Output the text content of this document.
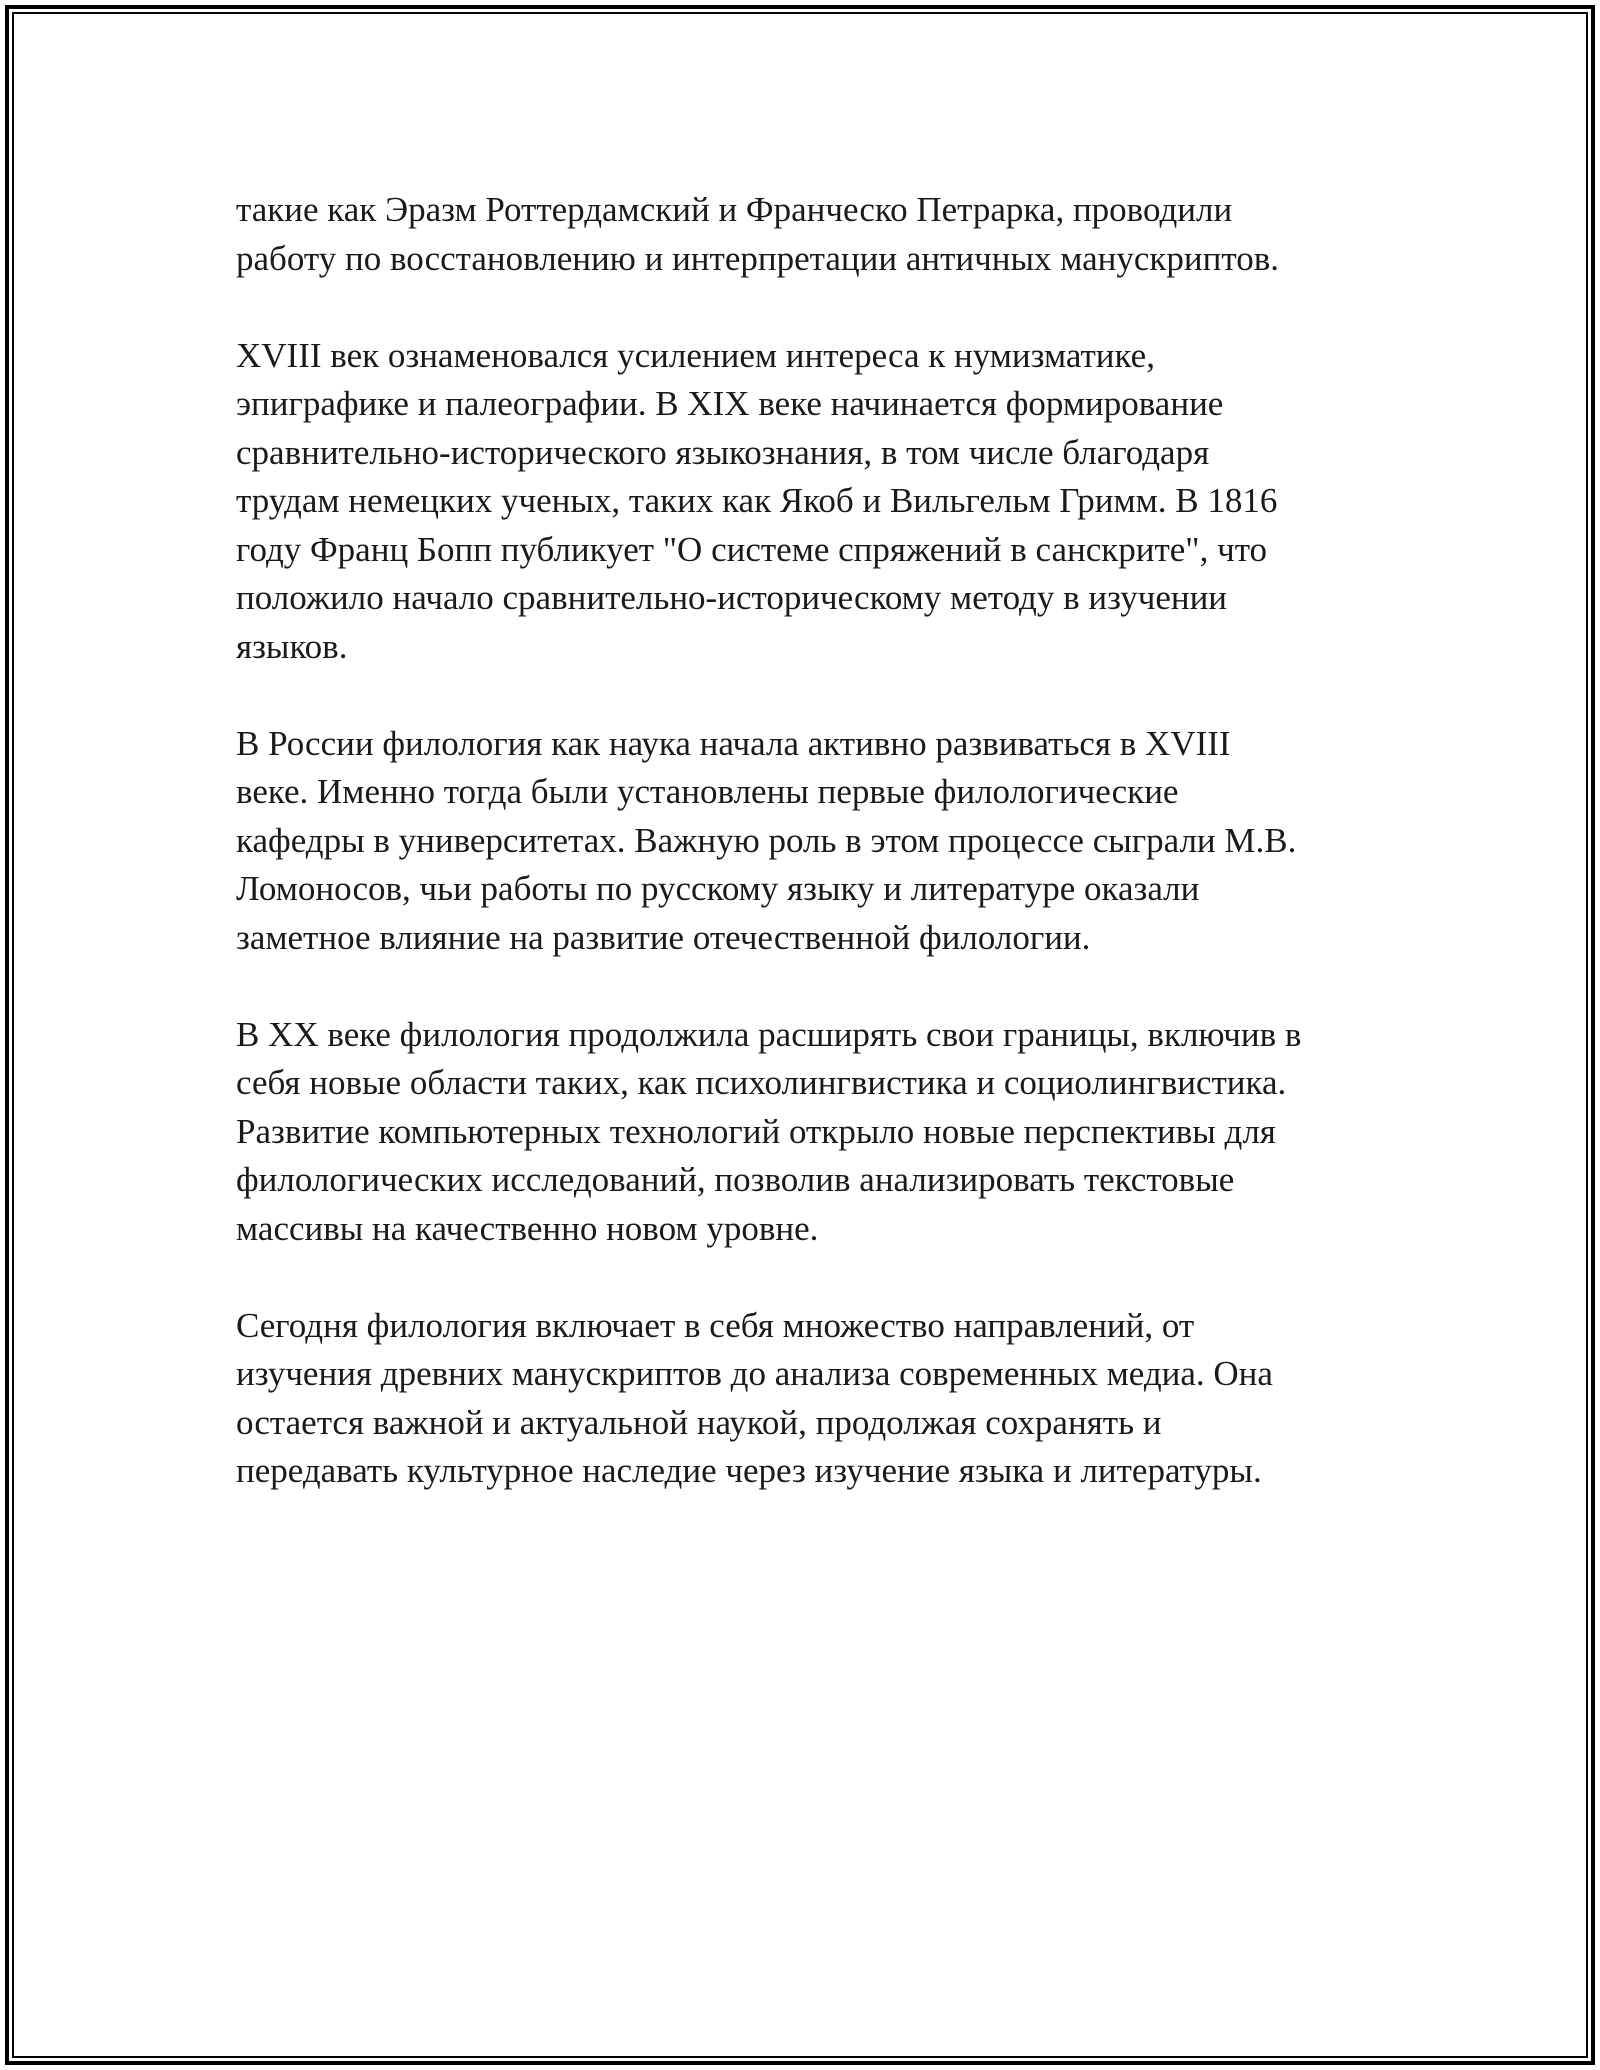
такие как Эразм Роттердамский и Франческо Петрарка, проводили
работу по восстановлению и интерпретации античных манускриптов.

XVIII век ознаменовался усилением интереса к нумизматике,
эпиграфике и палеографии. В XIX веке начинается формирование
сравнительно-исторического языкознания, в том числе благодаря
трудам немецких ученых, таких как Якоб и Вильгельм Гримм. В 1816
году Франц Бопп публикует "О системе спряжений в санскрите", что
положило начало сравнительно-историческому методу в изучении
языков.

В России филология как наука начала активно развиваться в XVIII
веке. Именно тогда были установлены первые филологические
кафедры в университетах. Важную роль в этом процессе сыграли М.В.
Ломоносов, чьи работы по русскому языку и литературе оказали
заметное влияние на развитие отечественной филологии.

В XX веке филология продолжила расширять свои границы, включив в
себя новые области таких, как психолингвистика и социолингвистика.
Развитие компьютерных технологий открыло новые перспективы для
филологических исследований, позволив анализировать текстовые
массивы на качественно новом уровне.

Сегодня филология включает в себя множество направлений, от
изучения древних манускриптов до анализа современных медиа. Она
остается важной и актуальной наукой, продолжая сохранять и
передавать культурное наследие через изучение языка и литературы.
